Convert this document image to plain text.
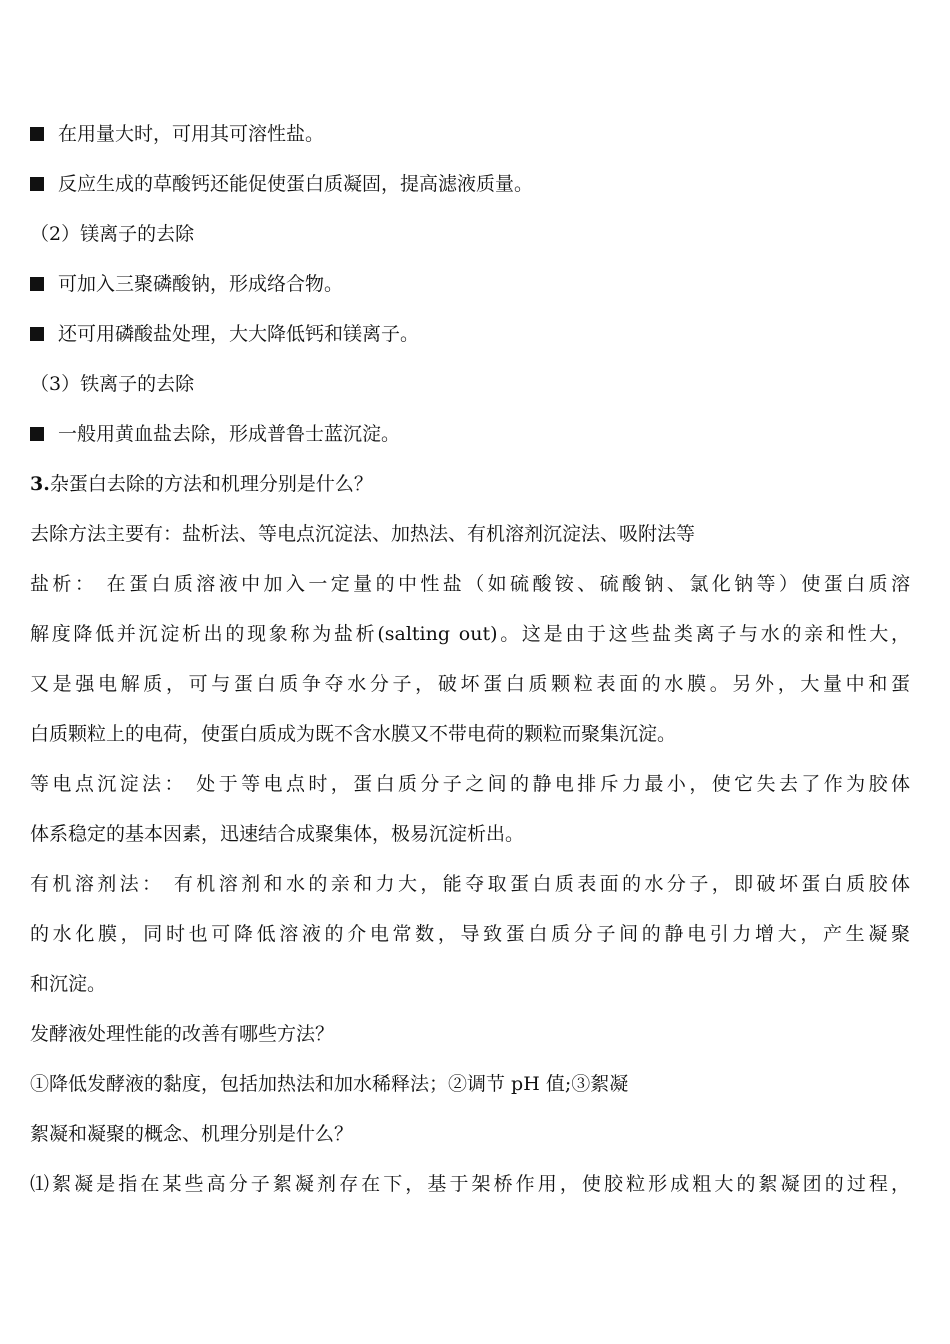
在用量大时，可用其可溶性盐。
反应生成的草酸钙还能促使蛋白质凝固，提高滤液质量。
（2）镁离子的去除
可加入三聚磷酸钠，形成络合物。
还可用磷酸盐处理，大大降低钙和镁离子。
（3）铁离子的去除
一般用黄血盐去除，形成普鲁士蓝沉淀。
3.杂蛋白去除的方法和机理分别是什么？
去除方法主要有：盐析法、等电点沉淀法、加热法、有机溶剂沉淀法、吸附法等
盐析： 在蛋白质溶液中加入一定量的中性盐（如硫酸铵、硫酸钠、氯化钠等）使蛋白质溶
解度降低并沉淀析出的现象称为盐析(salting out)。这是由于这些盐类离子与水的亲和性大，
又是强电解质，可与蛋白质争夺水分子，破坏蛋白质颗粒表面的水膜。另外，大量中和蛋
白质颗粒上的电荷，使蛋白质成为既不含水膜又不带电荷的颗粒而聚集沉淀。
等电点沉淀法： 处于等电点时，蛋白质分子之间的静电排斥力最小，使它失去了作为胶体
体系稳定的基本因素，迅速结合成聚集体，极易沉淀析出。
有机溶剂法： 有机溶剂和水的亲和力大，能夺取蛋白质表面的水分子，即破坏蛋白质胶体
的水化膜，同时也可降低溶液的介电常数，导致蛋白质分子间的静电引力增大，产生凝聚
和沉淀。
发酵液处理性能的改善有哪些方法？
①降低发酵液的黏度，包括加热法和加水稀释法；②调节 pH 值;③絮凝
絮凝和凝聚的概念、机理分别是什么？
⑴絮凝是指在某些高分子絮凝剂存在下，基于架桥作用，使胶粒形成粗大的絮凝团的过程，
